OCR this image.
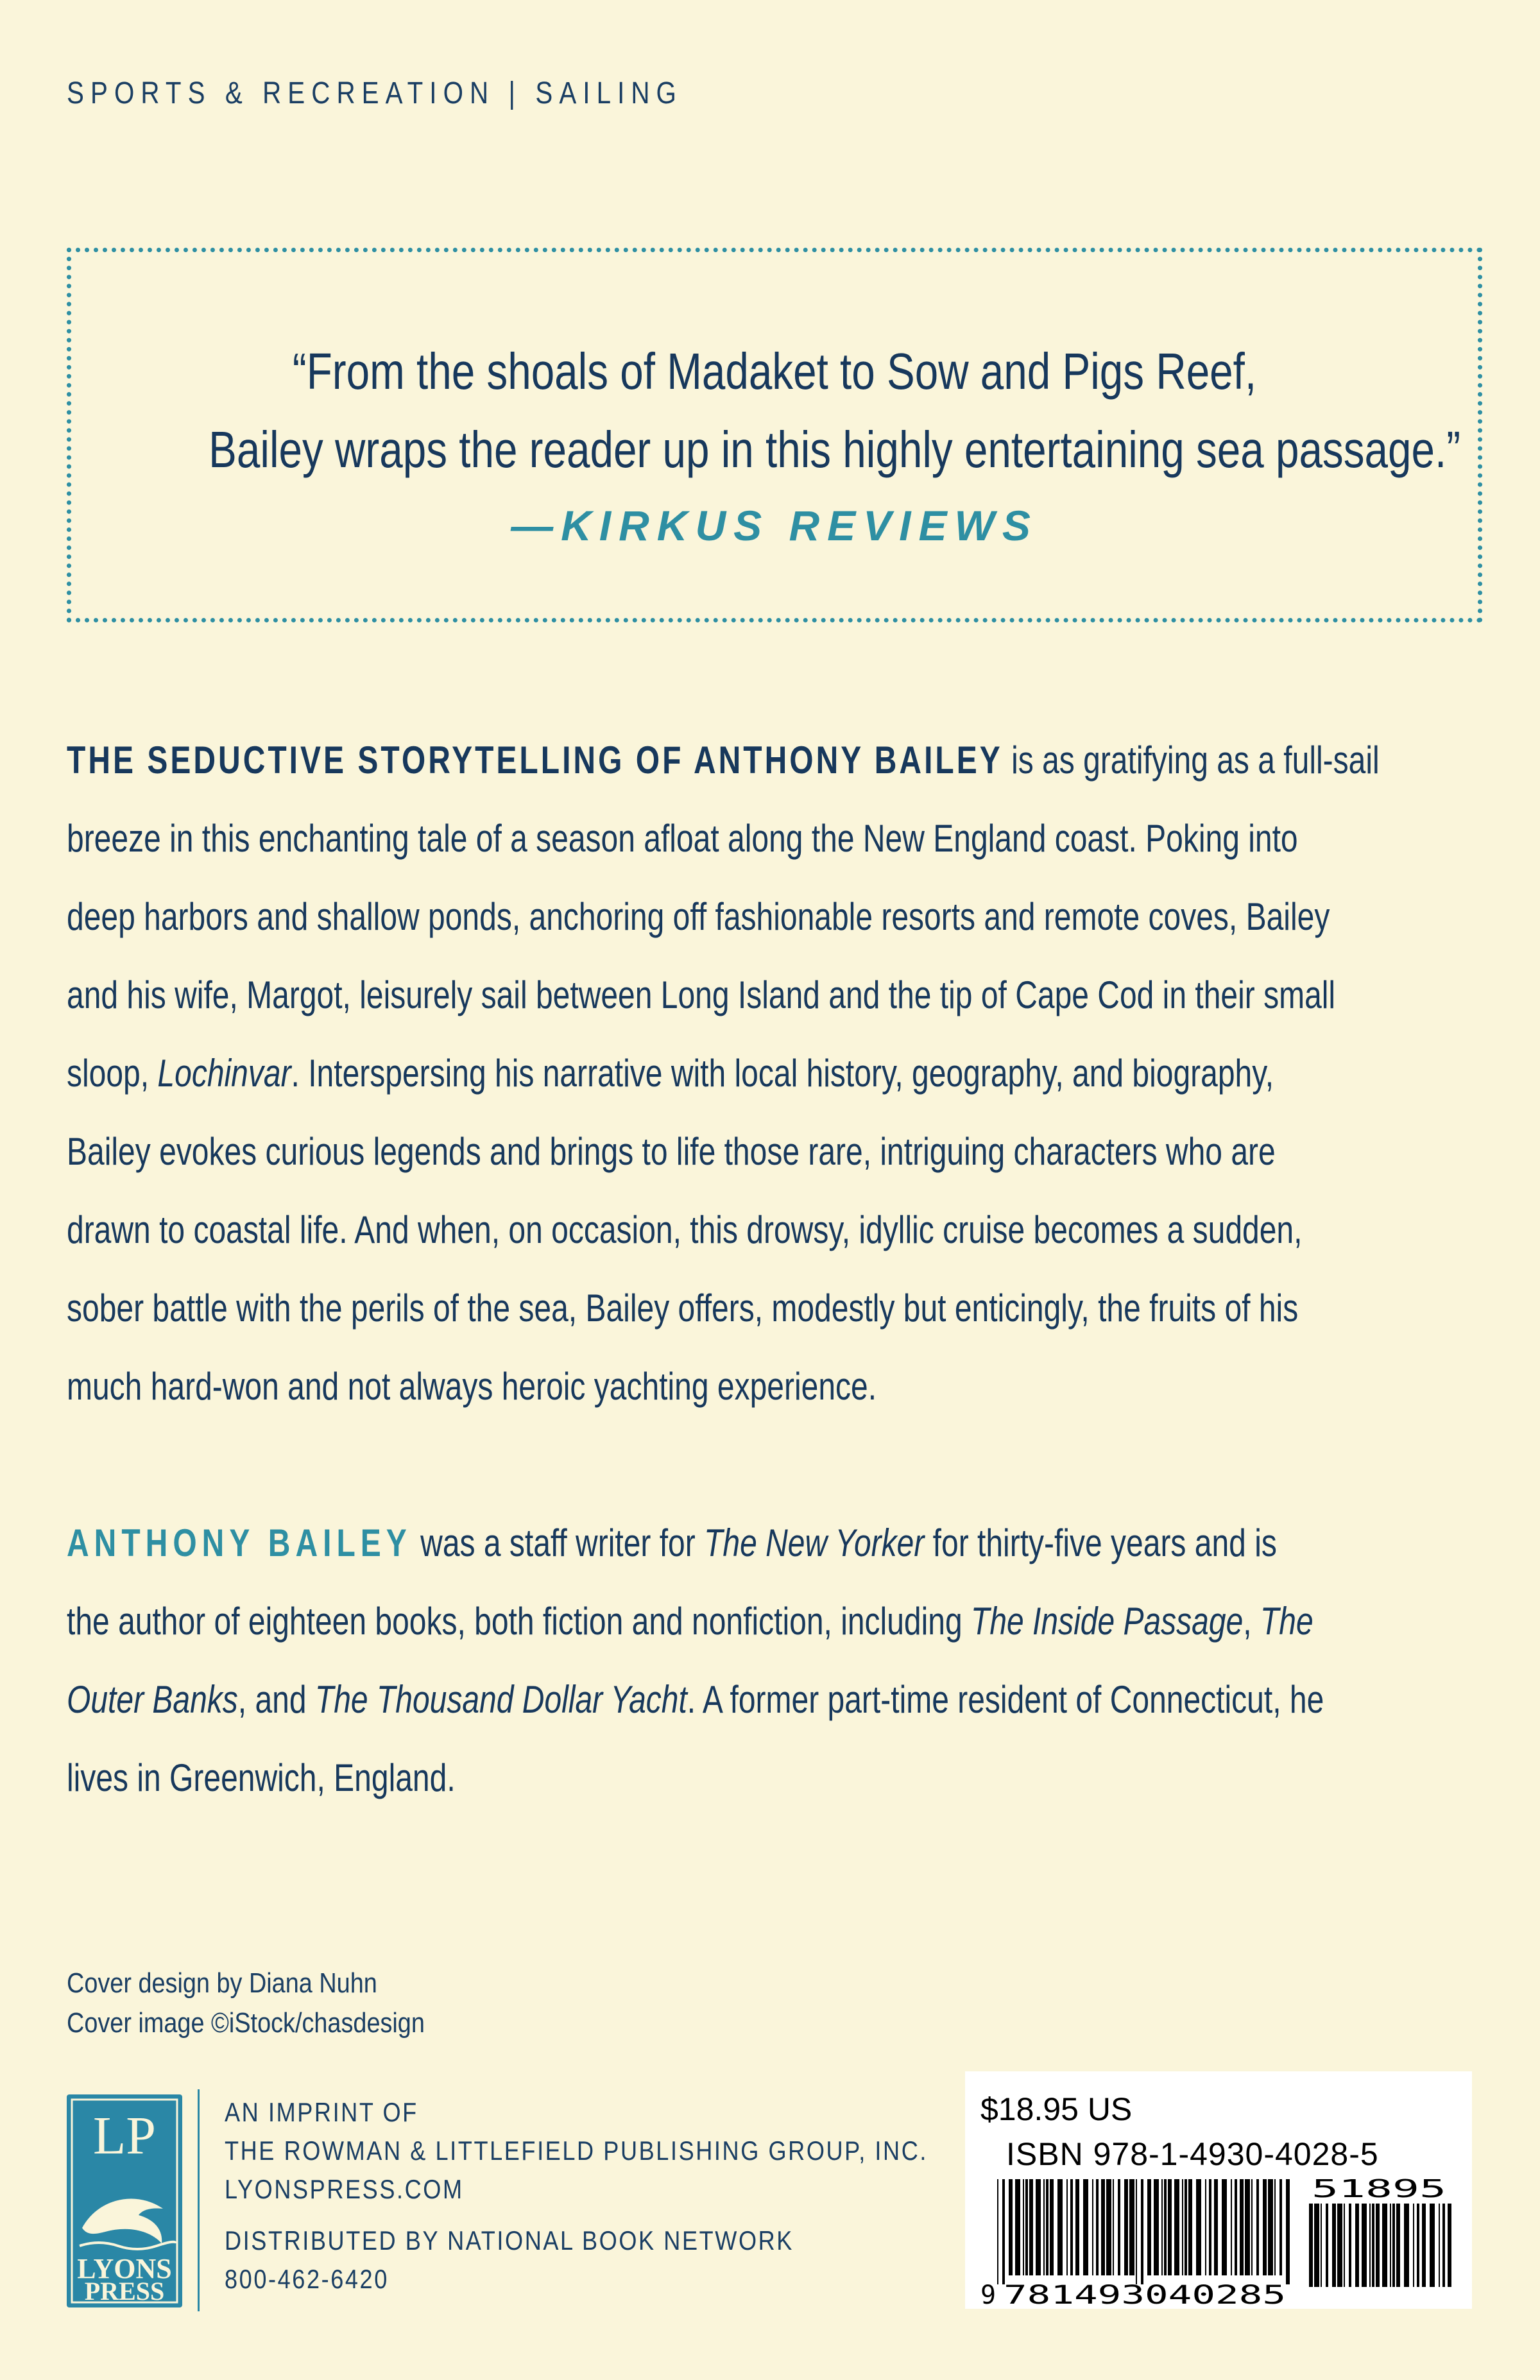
SPORTS & RECREATION | SAILING
“From the shoals of Madaket to Sow and Pigs Reef,
Bailey wraps the reader up in this highly entertaining sea passage.”
—KIRKUS REVIEWS
THE SEDUCTIVE STORYTELLING OF ANTHONY BAILEY is as gratifying as a full-sail
breeze in this enchanting tale of a season afloat along the New England coast. Poking into
deep harbors and shallow ponds, anchoring off fashionable resorts and remote coves, Bailey
and his wife, Margot, leisurely sail between Long Island and the tip of Cape Cod in their small
sloop, Lochinvar. Interspersing his narrative with local history, geography, and biography,
Bailey evokes curious legends and brings to life those rare, intriguing characters who are
drawn to coastal life. And when, on occasion, this drowsy, idyllic cruise becomes a sudden,
sober battle with the perils of the sea, Bailey offers, modestly but enticingly, the fruits of his
much hard-won and not always heroic yachting experience.
ANTHONY BAILEY was a staff writer for The New Yorker for thirty-five years and is
the author of eighteen books, both fiction and nonfiction, including The Inside Passage, The
Outer Banks, and The Thousand Dollar Yacht. A former part-time resident of Connecticut, he
lives in Greenwich, England.
Cover design by Diana Nuhn
Cover image ©iStock/chasdesign
LP
LYONS
PRESS
AN IMPRINT OF
THE ROWMAN & LITTLEFIELD PUBLISHING GROUP, INC.
LYONSPRESS.COM
DISTRIBUTED BY NATIONAL BOOK NETWORK
800-462-6420
$18.95 US
ISBN 978-1-4930-4028-5
9 781493040285
51895
